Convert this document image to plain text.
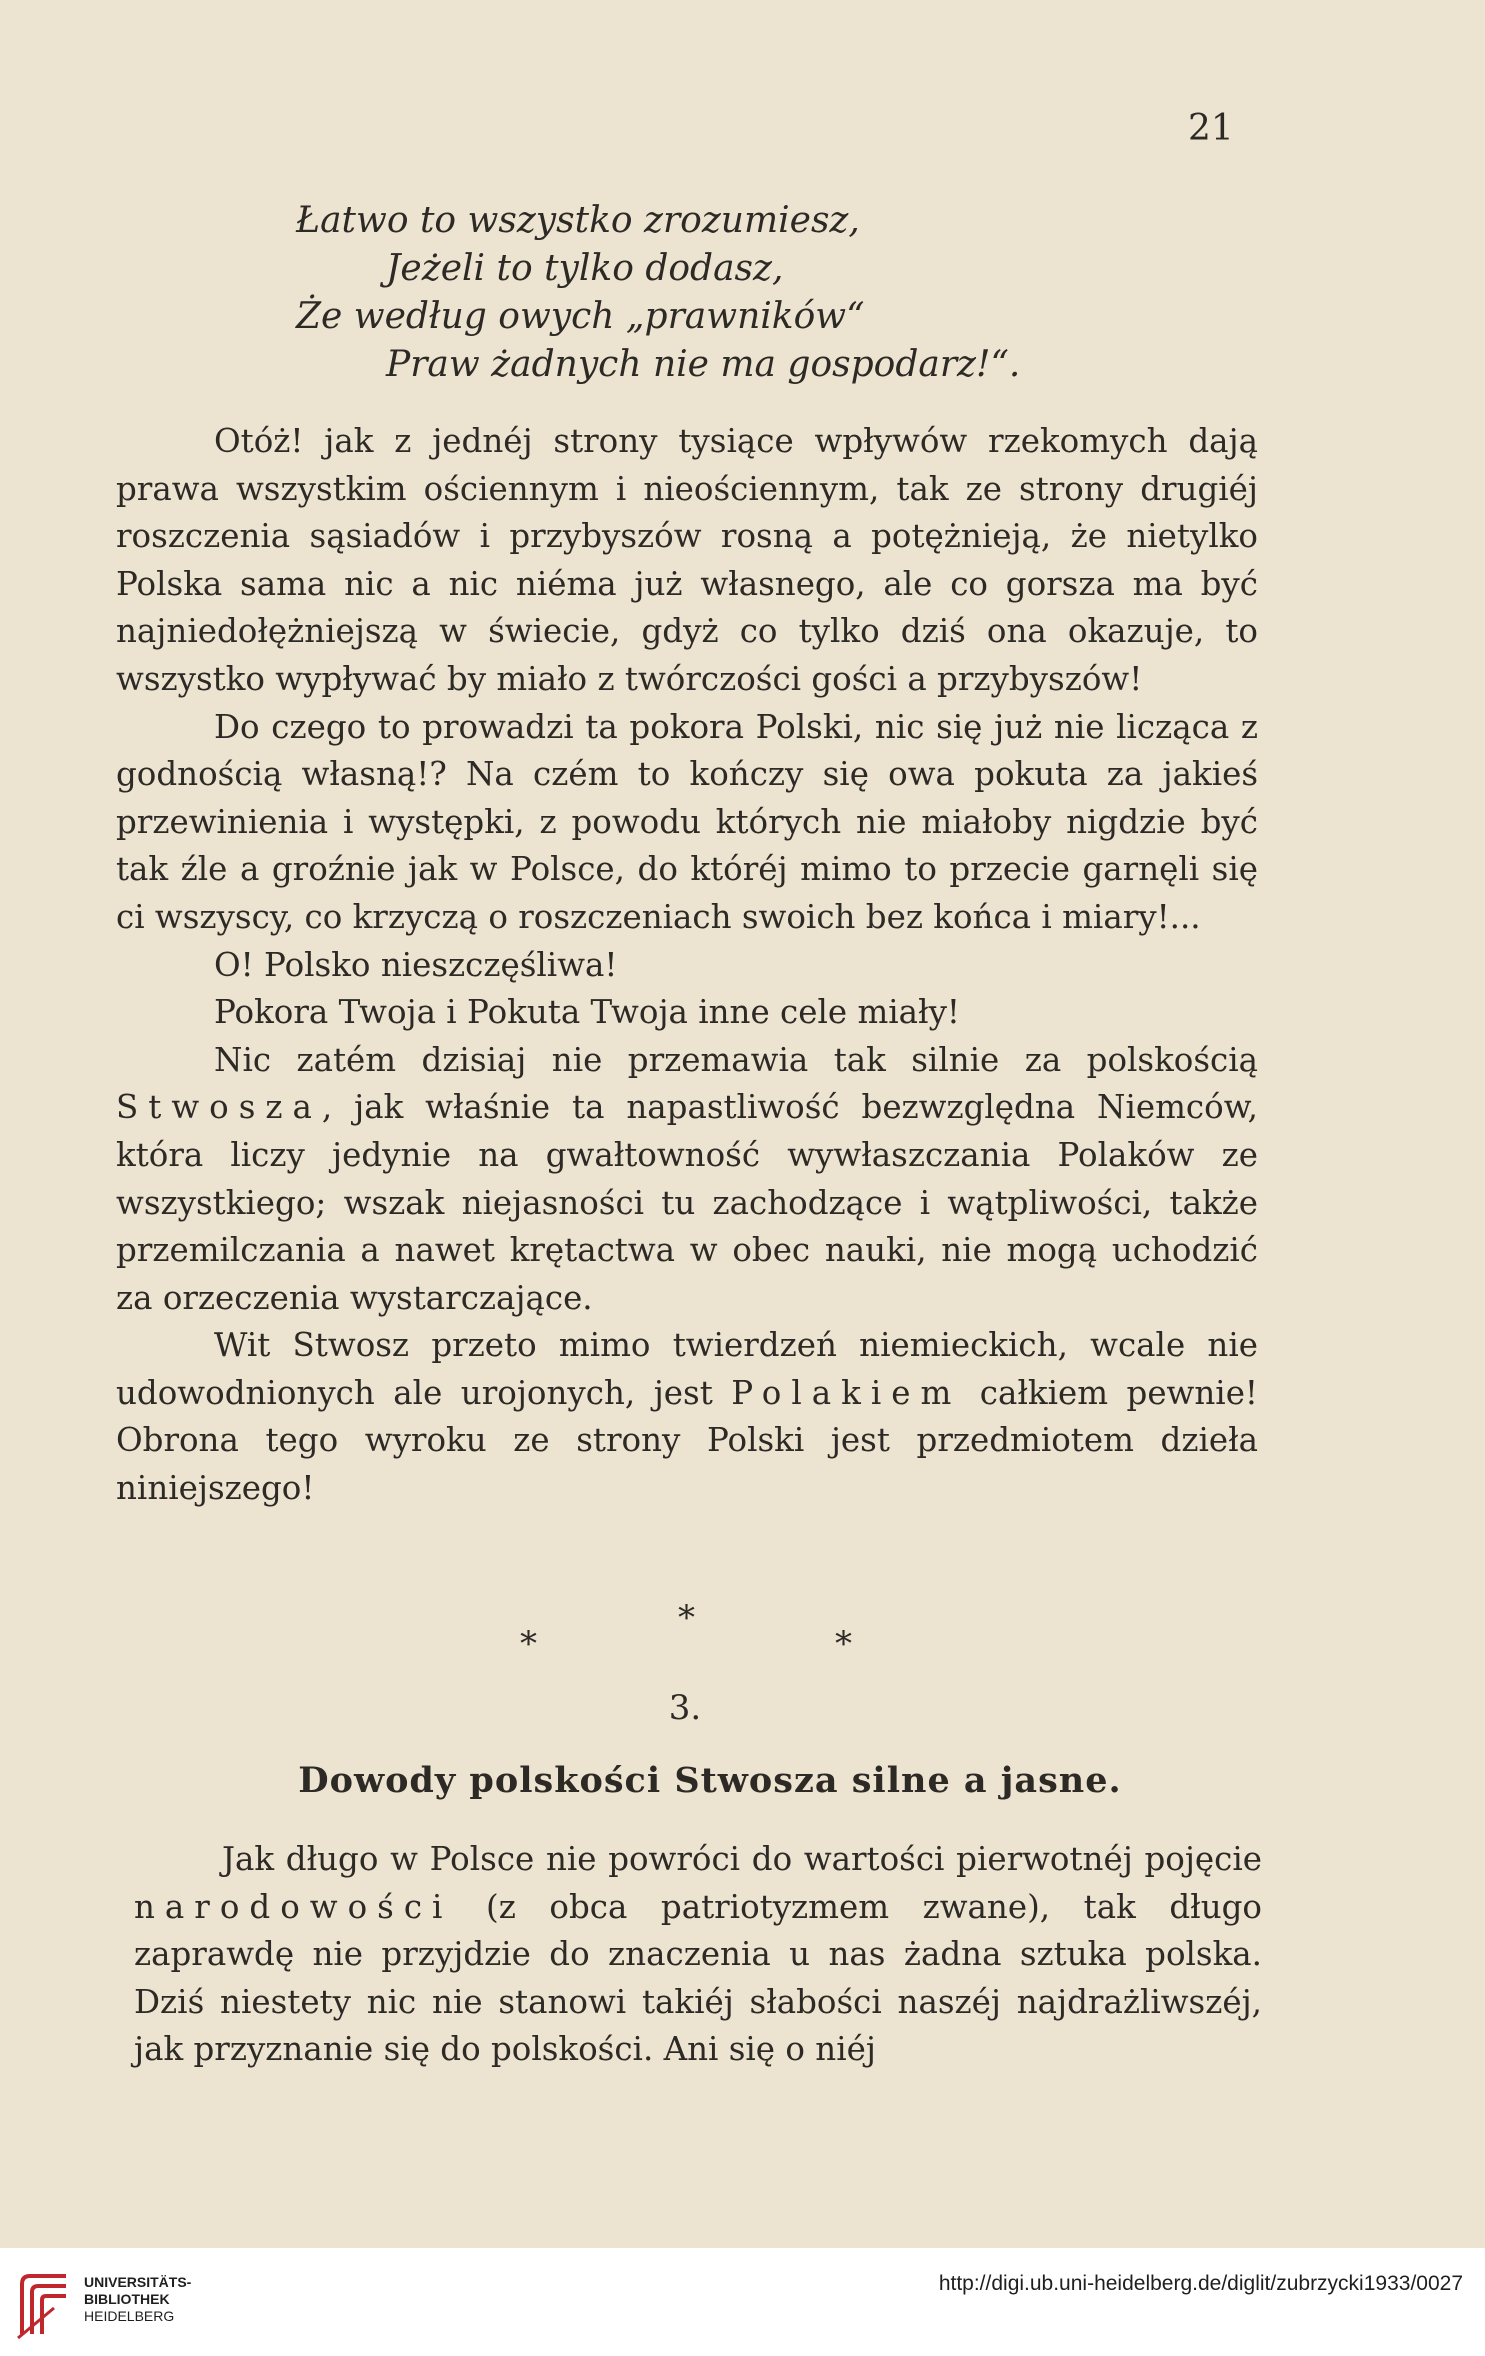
21
Łatwo to wszystko zrozumiesz,
Jeżeli to tylko dodasz,
Że według owych „prawników“
Praw żadnych nie ma gospodarz!“.

Otóż! jak z jednéj strony tysiące wpływów rzekomych dają prawa wszystkim ościennym i nieościennym, tak ze strony drugiéj roszczenia sąsiadów i przybyszów rosną a potężnieją, że nietylko Polska sama nic a nic niéma już własnego, ale co gorsza ma być najniedołężniejszą w świecie, gdyż co tylko dziś ona okazuje, to wszystko wypływać by miało z twórczości gości a przybyszów!

Do czego to prowadzi ta pokora Polski, nic się już nie licząca z godnością własną!? Na czém to kończy się owa pokuta za jakieś przewinienia i występki, z powodu których nie miałoby nigdzie być tak źle a groźnie jak w Polsce, do któréj mimo to przecie garnęli się ci wszyscy, co krzyczą o roszczeniach swoich bez końca i miary!...

O! Polsko nieszczęśliwa!

Pokora Twoja i Pokuta Twoja inne cele miały!

Nic zatém dzisiaj nie przemawia tak silnie za polskością Stwosza, jak właśnie ta napastliwość bezwzględna Niemców, która liczy jedynie na gwałtowność wywłaszczania Polaków ze wszystkiego; wszak niejasności tu zachodzące i wątpliwości, także przemilczania a nawet krętactwa w obec nauki, nie mogą uchodzić za orzeczenia wystarczające.

Wit Stwosz przeto mimo twierdzeń niemieckich, wcale nie udowodnionych ale urojonych, jest Polakiem całkiem pewnie! Obrona tego wyroku ze strony Polski jest przedmiotem dzieła niniejszego!

*
*
*
3.
Dowody polskości Stwosza silne a jasne.

Jak długo w Polsce nie powróci do wartości pierwotnéj pojęcie narodowości (z obca patriotyzmem zwane), tak długo zaprawdę nie przyjdzie do znaczenia u nas żadna sztuka polska. Dziś niestety nic nie stanowi takiéj słabości naszéj najdrażliwszéj, jak przyznanie się do polskości. Ani się o niéj

UNIVERSITÄTS-
BIBLIOTHEK
HEIDELBERG
http://digi.ub.uni-heidelberg.de/diglit/zubrzycki1933/0027
